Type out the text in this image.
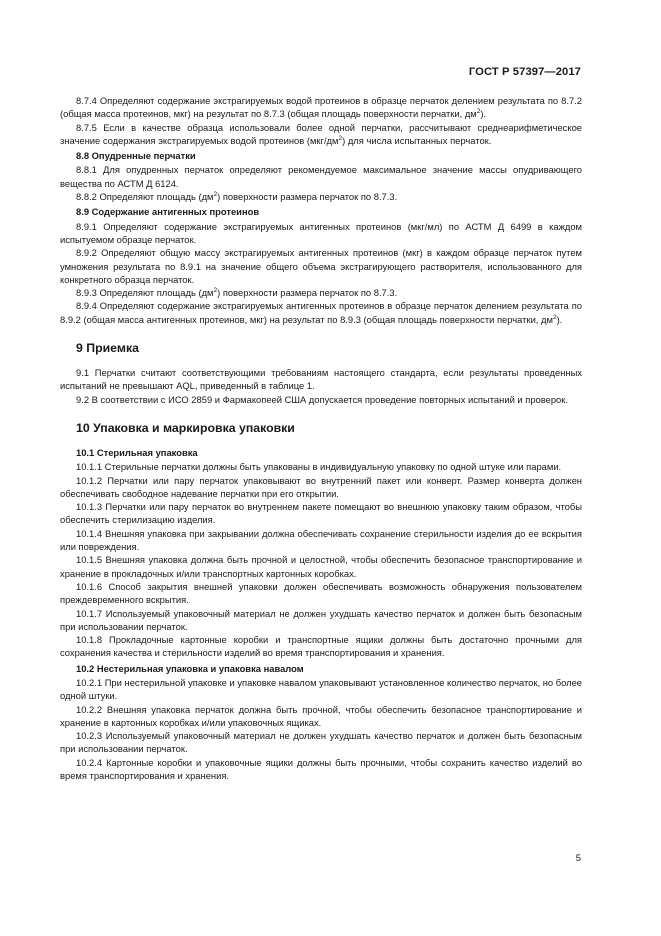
ГОСТ Р 57397—2017

8.7.4 Определяют содержание экстрагируемых водой протеинов в образце перчаток делением результата по 8.7.2 (общая масса протеинов, мкг) на результат по 8.7.3 (общая площадь поверхности перчатки, $дм^2$).

8.7.5 Если в качестве образца использовали более одной перчатки, рассчитывают среднеарифметическое значение содержания экстрагируемых водой протеинов $(мкг/дм^2)$ для числа испытанных перчаток.

8.8 Опудренные перчатки

8.8.1 Для опудренных перчаток определяют рекомендуемое максимальное значение массы опудривающего вещества по АСТМ Д 6124.

8.8.2 Определяют площадь $(дм^2)$ поверхности размера перчаток по 8.7.3.

8.9 Содержание антигенных протеинов

8.9.1 Определяют содержание экстрагируемых антигенных протеинов (мкг/мл) по АСТМ Д 6499 в каждом испытуемом образце перчаток.

8.9.2 Определяют общую массу экстрагируемых антигенных протеинов (мкг) в каждом образце перчаток путем умножения результата по 8.9.1 на значение общего объема экстрагирующего растворителя, использованного для конкретного образца перчаток.

8.9.3 Определяют площадь $(дм^2)$ поверхности размера перчаток по 8.7.3.

8.9.4 Определяют содержание экстрагируемых антигенных протеинов в образце перчаток делением результата по 8.9.2 (общая масса антигенных протеинов, мкг) на результат по 8.9.3 (общая площадь поверхности перчатки, $дм^2$).

9 Приемка

9.1 Перчатки считают соответствующими требованиям настоящего стандарта, если результаты проведенных испытаний не превышают AQL, приведенный в таблице 1.

9.2 В соответствии с ИСО 2859 и Фармакопеей США допускается проведение повторных испытаний и проверок.

10 Упаковка и маркировка упаковки

10.1 Стерильная упаковка

10.1.1 Стерильные перчатки должны быть упакованы в индивидуальную упаковку по одной штуке или парами.

10.1.2 Перчатки или пару перчаток упаковывают во внутренний пакет или конверт. Размер конверта должен обеспечивать свободное надевание перчатки при его открытии.

10.1.3 Перчатки или пару перчаток во внутреннем пакете помещают во внешнюю упаковку таким образом, чтобы обеспечить стерилизацию изделия.

10.1.4 Внешняя упаковка при закрывании должна обеспечивать сохранение стерильности изделия до ее вскрытия или повреждения.

10.1.5 Внешняя упаковка должна быть прочной и целостной, чтобы обеспечить безопасное транспортирование и хранение в прокладочных и/или транспортных картонных коробках.

10.1.6 Способ закрытия внешней упаковки должен обеспечивать возможность обнаружения пользователем преждевременного вскрытия.

10.1.7 Используемый упаковочный материал не должен ухудшать качество перчаток и должен быть безопасным при использовании перчаток.

10.1.8 Прокладочные картонные коробки и транспортные ящики должны быть достаточно прочными для сохранения качества и стерильности изделий во время транспортирования и хранения.

10.2 Нестерильная упаковка и упаковка навалом

10.2.1 При нестерильной упаковке и упаковке навалом упаковывают установленное количество перчаток, но более одной штуки.

10.2.2 Внешняя упаковка перчаток должна быть прочной, чтобы обеспечить безопасное транспортирование и хранение в картонных коробках и/или упаковочных ящиках.

10.2.3 Используемый упаковочный материал не должен ухудшать качество перчаток и должен быть безопасным при использовании перчаток.

10.2.4 Картонные коробки и упаковочные ящики должны быть прочными, чтобы сохранить качество изделий во время транспортирования и хранения.

5
